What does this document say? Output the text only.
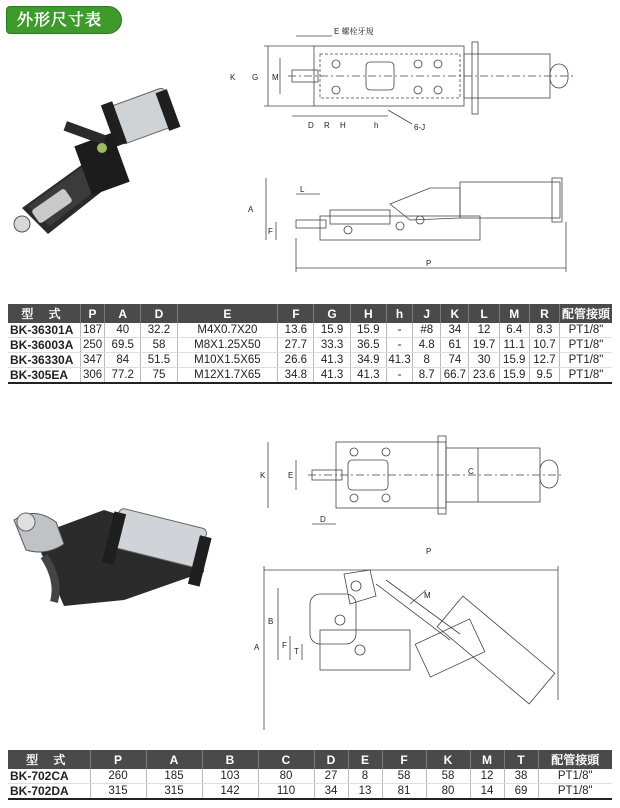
外形尺寸表
E 螺栓牙規
K G M
D R H	h	6-J
A
F
L
P
型 式	P	A	D	E	F	G	H	h	J	K	L	M	R	配管接頭
BK-36301A	187	40	32.2	M4X0.7X20	13.6	15.9	15.9	-	#8	34	12	6.4	8.3	PT1/8"
BK-36003A	250	69.5	58	M8X1.25X50	27.7	33.3	36.5	-	4.8	61	19.7	11.1	10.7	PT1/8"
BK-36330A	347	84	51.5	M10X1.5X65	26.6	41.3	34.9	41.3	8	74	30	15.9	12.7	PT1/8"
BK-305EA	306	77.2	75	M12X1.7X65	34.8	41.3	41.3	-	8.7	66.7	23.6	15.9	9.5	PT1/8"
K	E
D
C
P
A
B
F
T
M
型 式	P	A	B	C	D	E	F	K	M	T	配管接頭
BK-702CA	260	185	103	80	27	8	58	58	12	38	PT1/8"
BK-702DA	315	315	142	110	34	13	81	80	14	69	PT1/8"
